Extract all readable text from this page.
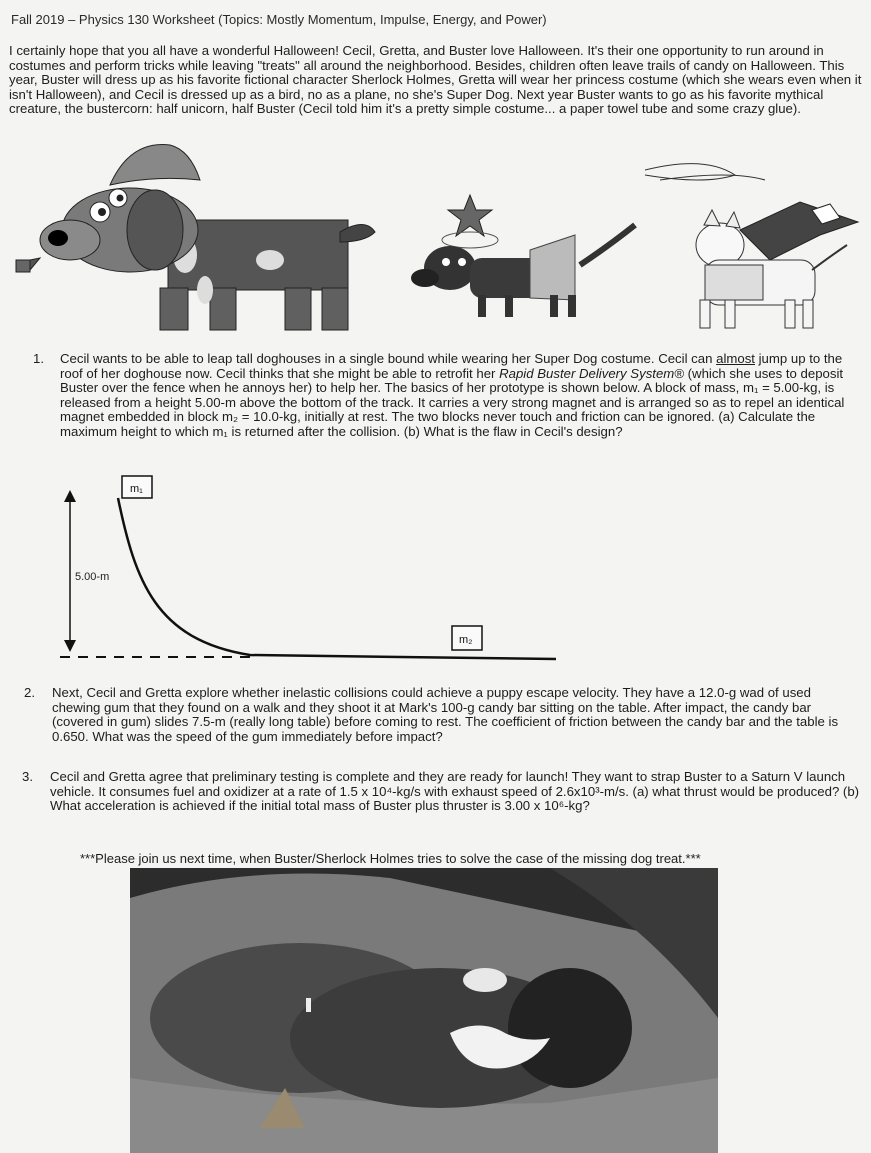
Fall 2019 – Physics 130 Worksheet (Topics: Mostly Momentum, Impulse, Energy, and Power)
I certainly hope that you all have a wonderful Halloween! Cecil, Gretta, and Buster love Halloween. It's their one opportunity to run around in costumes and perform tricks while leaving "treats" all around the neighborhood. Besides, children often leave trails of candy on Halloween. This year, Buster will dress up as his favorite fictional character Sherlock Holmes, Gretta will wear her princess costume (which she wears even when it isn't Halloween), and Cecil is dressed up as a bird, no as a plane, no she's Super Dog. Next year Buster wants to go as his favorite mythical creature, the bustercorn: half unicorn, half Buster (Cecil told him it's a pretty simple costume... a paper towel tube and some crazy glue).
1. Cecil wants to be able to leap tall doghouses in a single bound while wearing her Super Dog costume. Cecil can almost jump up to the roof of her doghouse now. Cecil thinks that she might be able to retrofit her Rapid Buster Delivery System® (which she uses to deposit Buster over the fence when he annoys her) to help her. The basics of her prototype is shown below. A block of mass, m₁ = 5.00-kg, is released from a height 5.00-m above the bottom of the track. It carries a very strong magnet and is arranged so as to repel an identical magnet embedded in block m₂ = 10.0-kg, initially at rest. The two blocks never touch and friction can be ignored. (a) Calculate the maximum height to which m₁ is returned after the collision. (b) What is the flaw in Cecil's design?
5.00-m
m₁
m₂
2. Next, Cecil and Gretta explore whether inelastic collisions could achieve a puppy escape velocity. They have a 12.0-g wad of used chewing gum that they found on a walk and they shoot it at Mark's 100-g candy bar sitting on the table. After impact, the candy bar (covered in gum) slides 7.5-m (really long table) before coming to rest. The coefficient of friction between the candy bar and the table is 0.650. What was the speed of the gum immediately before impact?
3. Cecil and Gretta agree that preliminary testing is complete and they are ready for launch! They want to strap Buster to a Saturn V launch vehicle. It consumes fuel and oxidizer at a rate of 1.5 x 10⁴-kg/s with exhaust speed of 2.6x10³-m/s. (a) what thrust would be produced? (b) What acceleration is achieved if the initial total mass of Buster plus thruster is 3.00 x 10⁶-kg?
***Please join us next time, when Buster/Sherlock Holmes tries to solve the case of the missing dog treat.***
